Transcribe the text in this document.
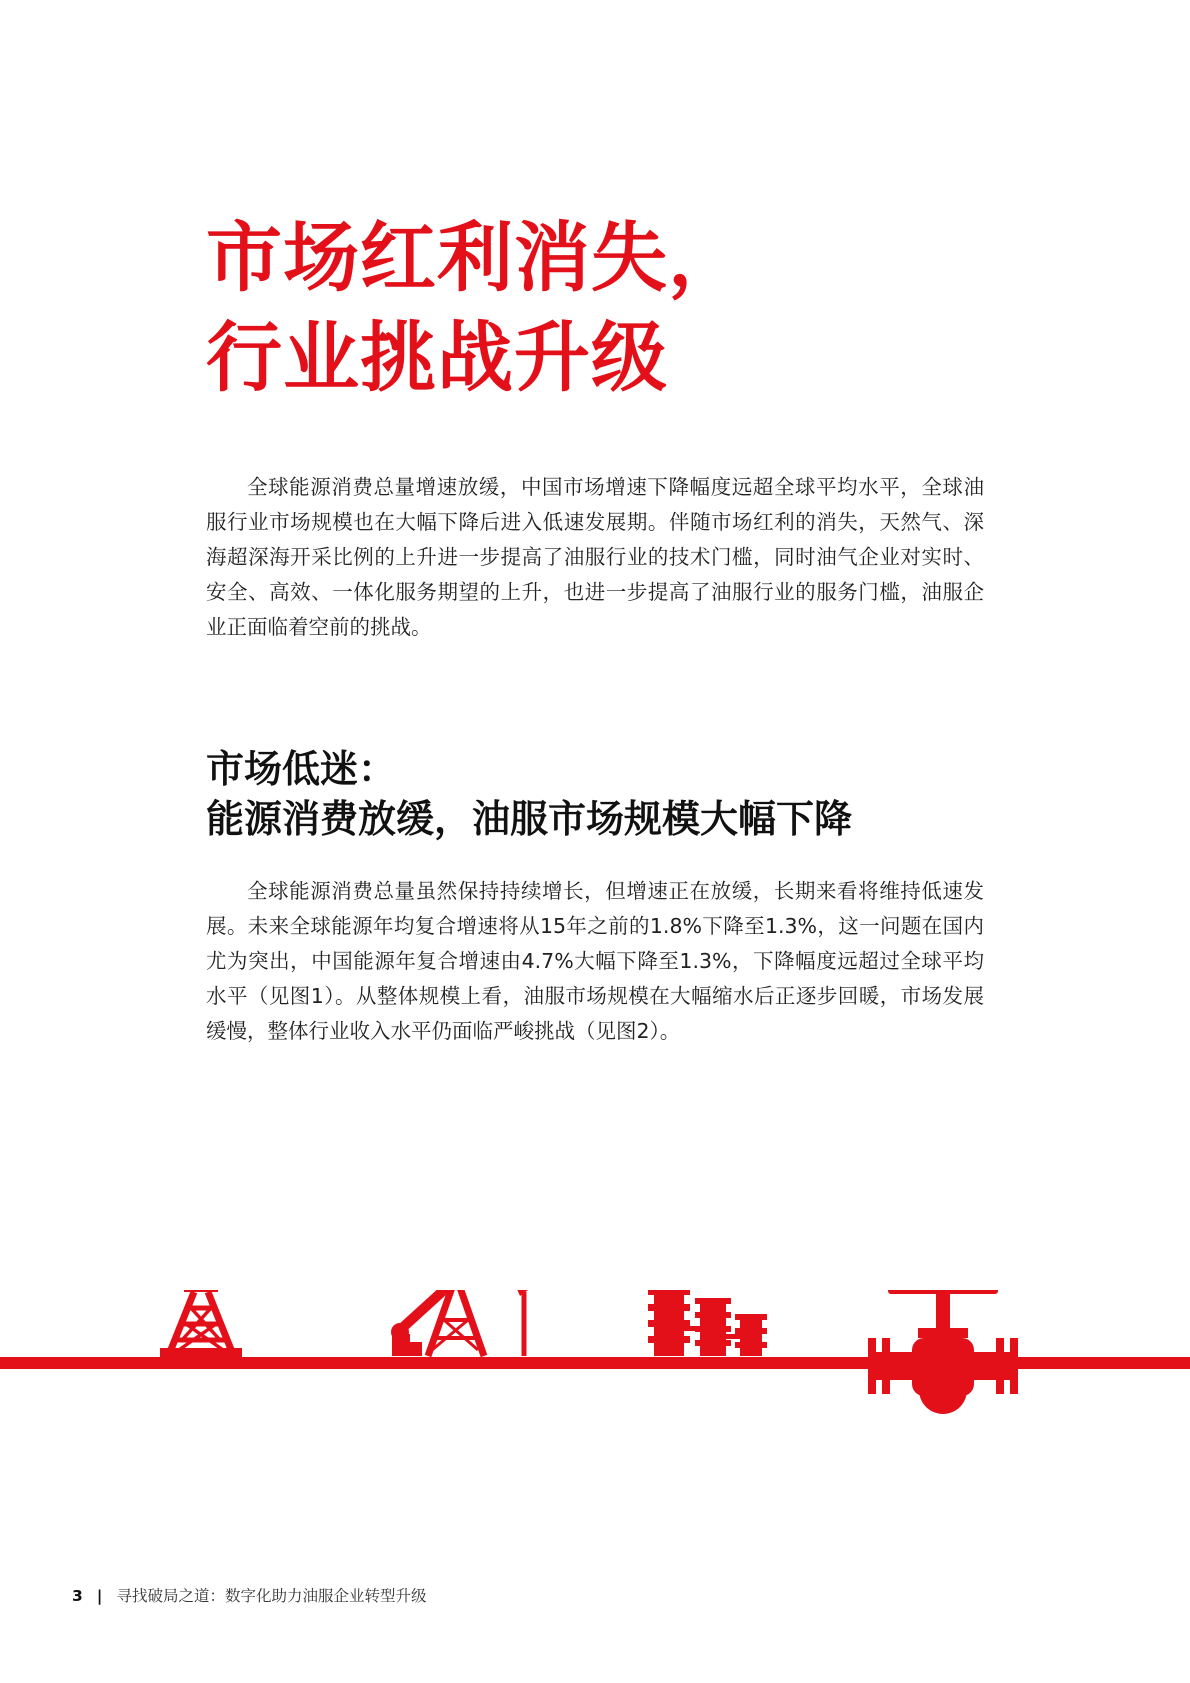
市场红利消失，
行业挑战升级

全球能源消费总量增速放缓，中国市场增速下降幅度远超全球平均水平，全球油服行业市场规模也在大幅下降后进入低速发展期。伴随市场红利的消失，天然气、深海超深海开采比例的上升进一步提高了油服行业的技术门槛，同时油气企业对实时、安全、高效、一体化服务期望的上升，也进一步提高了油服行业的服务门槛，油服企业正面临着空前的挑战。

市场低迷：
能源消费放缓，油服市场规模大幅下降

全球能源消费总量虽然保持持续增长，但增速正在放缓，长期来看将维持低速发展。未来全球能源年均复合增速将从15年之前的1.8%下降至1.3%，这一问题在国内尤为突出，中国能源年复合增速由4.7%大幅下降至1.3%，下降幅度远超过全球平均水平（见图1）。从整体规模上看，油服市场规模在大幅缩水后正逐步回暖，市场发展缓慢，整体行业收入水平仍面临严峻挑战（见图2）。

3 | 寻找破局之道：数字化助力油服企业转型升级
